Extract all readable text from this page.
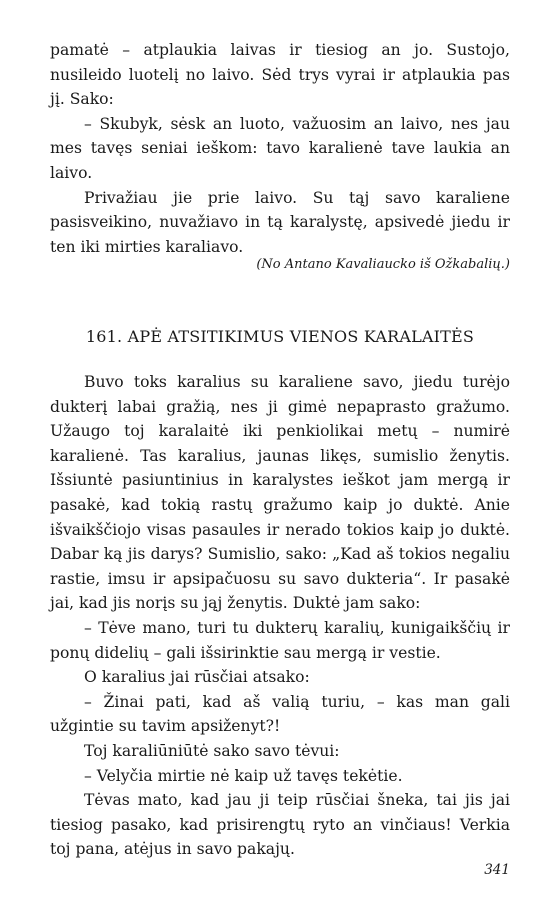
pamatė – atplaukia laivas ir tiesiog an jo. Sustojo, nusileido luotelį no laivo. Sėd trys vyrai ir atplaukia pas jį. Sako:

– Skubyk, sėsk an luoto, važuosim an laivo, nes jau mes tavęs seniai ieškom: tavo karalienė tave laukia an laivo.

Privažiau jie prie laivo. Su tąj savo karaliene pasisveikino, nuvažiavo in tą karalystę, apsivedė jiedu ir ten iki mirties karaliavo.

(No Antano Kavaliaucko iš Ožkabalių.)
161. APĖ ATSITIKIMUS VIENOS KARALAITĖS

Buvo toks karalius su karaliene savo, jiedu turėjo dukterį labai gražią, nes ji gimė nepaprasto gražumo. Užaugo toj karalaitė iki penkiolikai metų – numirė karalienė. Tas karalius, jaunas likęs, sumislio ženytis. Išsiuntė pasiuntinius in karalystes ieškot jam mergą ir pasakė, kad tokią rastų gražumo kaip jo duktė. Anie išvaikščiojo visas pasaules ir nerado tokios kaip jo duktė. Dabar ką jis darys? Sumislio, sako: „Kad aš tokios negaliu rastie, imsu ir apsipačuosu su savo dukteria“. Ir pasakė jai, kad jis norįs su jąj ženytis. Duktė jam sako:

– Tėve mano, turi tu dukterų karalių, kunigaikščių ir ponų didelių – gali išsirinktie sau mergą ir vestie.

O karalius jai rūsčiai atsako:

– Žinai pati, kad aš valią turiu, – kas man gali užgintie su tavim apsiženyt?!

Toj karaliūniūtė sako savo tėvui:

– Velyčia mirtie nė kaip už tavęs tekėtie.

Tėvas mato, kad jau ji teip rūsčiai šneka, tai jis jai tiesiog pasako, kad prisirengtų ryto an vinčiaus! Verkia toj pana, atėjus in savo pakajų.

341
